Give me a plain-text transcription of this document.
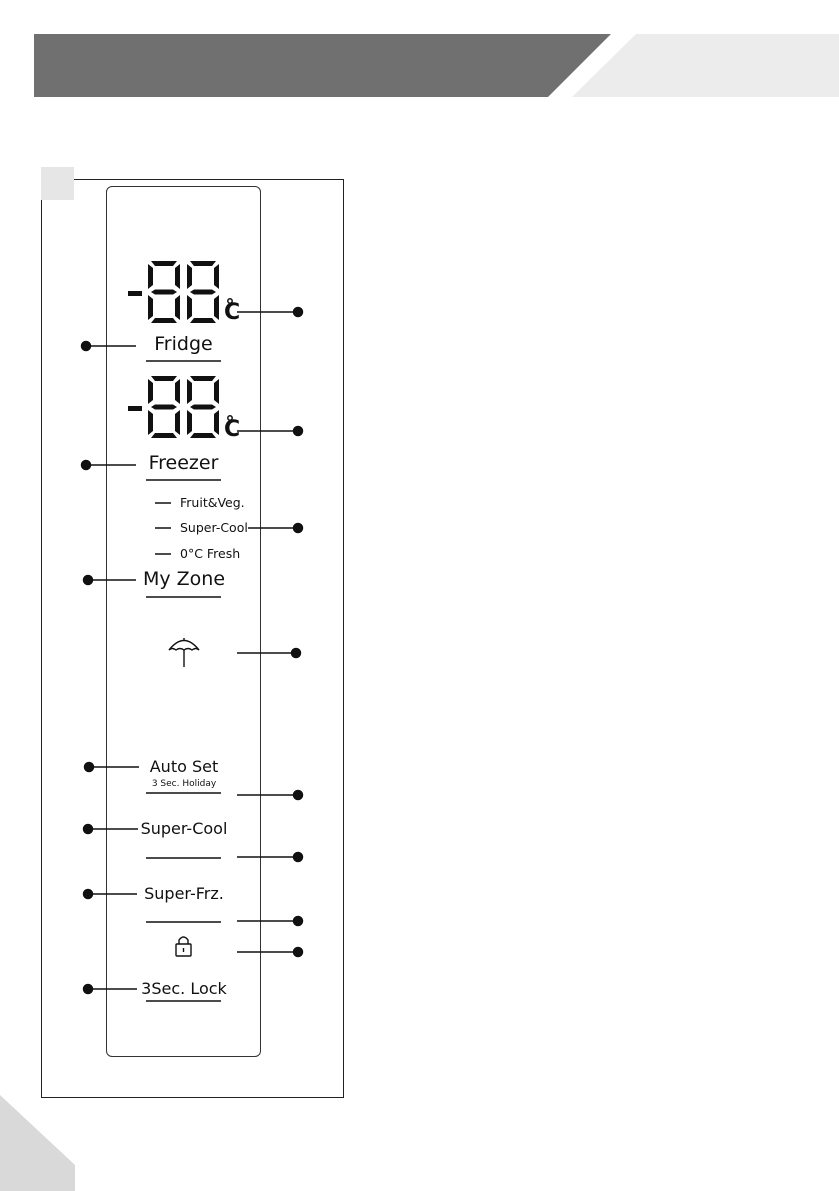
C
C
Fridge
Freezer
Fruit&Veg.
Super-Cool
0°C Fresh
My Zone
Auto Set
3 Sec. Holiday
Super-Cool
Super-Frz.
3Sec. Lock
